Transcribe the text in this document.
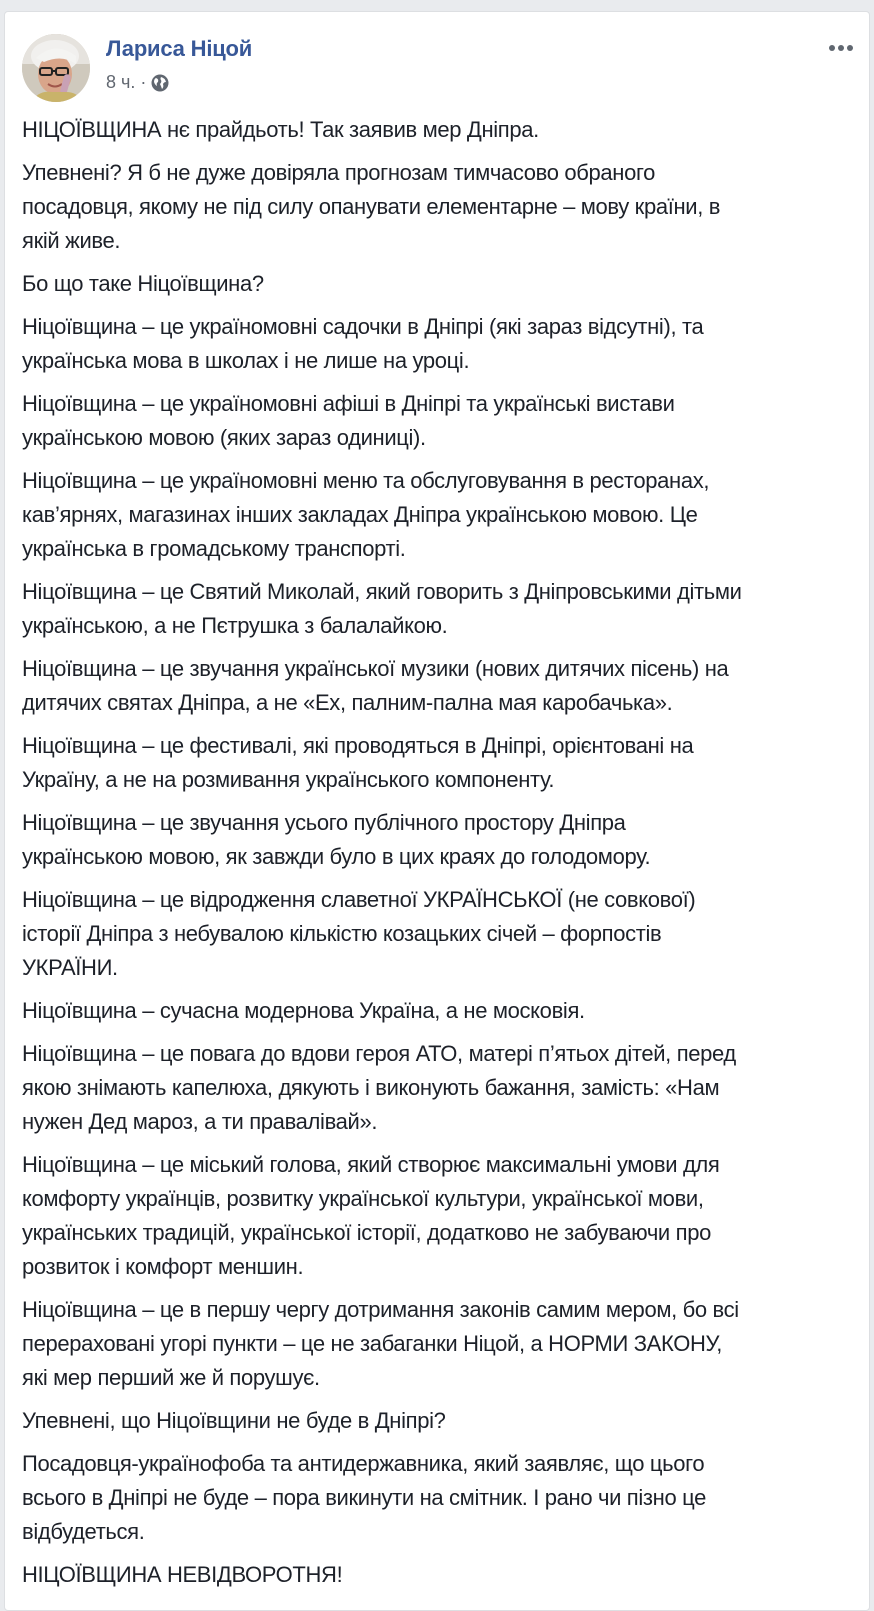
Лариса Ніцой
8 ч. ·

НІЦОЇВЩИНА нє прайдьоть! Так заявив мер Дніпра.

Упевнені? Я б не дуже довіряла прогнозам тимчасово обраного
посадовця, якому не під силу опанувати елементарне – мову країни, в
якій живе.

Бо що таке Ніцоївщина?

Ніцоївщина – це україномовні садочки в Дніпрі (які зараз відсутні), та
українська мова в школах і не лише на уроці.

Ніцоївщина – це україномовні афіші в Дніпрі та українські вистави
українською мовою (яких зараз одиниці).

Ніцоївщина – це україномовні меню та обслуговування в ресторанах,
кав’ярнях, магазинах інших закладах Дніпра українською мовою. Це
українська в громадському транспорті.

Ніцоївщина – це Святий Миколай, який говорить з Дніпровськими дітьми
українською, а не Пєтрушка з балалайкою.

Ніцоївщина – це звучання української музики (нових дитячих пісень) на
дитячих святах Дніпра, а не «Ех, палним-пална мая каробачька».

Ніцоївщина – це фестивалі, які проводяться в Дніпрі, орієнтовані на
Україну, а не на розмивання українського компоненту.

Ніцоївщина – це звучання усього публічного простору Дніпра
українською мовою, як завжди було в цих краях до голодомору.

Ніцоївщина – це відродження славетної УКРАЇНСЬКОЇ (не совкової)
історії Дніпра з небувалою кількістю козацьких січей – форпостів
УКРАЇНИ.

Ніцоївщина – сучасна модернова Україна, а не московія.

Ніцоївщина – це повага до вдови героя АТО, матері п’ятьох дітей, перед
якою знімають капелюха, дякують і виконують бажання, замість: «Нам
нужен Дед мароз, а ти правалівай».

Ніцоївщина – це міський голова, який створює максимальні умови для
комфорту українців, розвитку української культури, української мови,
українських традицій, української історії, додатково не забуваючи про
розвиток і комфорт меншин.

Ніцоївщина – це в першу чергу дотримання законів самим мером, бо всі
перераховані угорі пункти – це не забаганки Ніцой, а НОРМИ ЗАКОНУ,
які мер перший же й порушує.

Упевнені, що Ніцоївщини не буде в Дніпрі?

Посадовця-українофоба та антидержавника, який заявляє, що цього
всього в Дніпрі не буде – пора викинути на смітник. І рано чи пізно це
відбудеться.

НІЦОЇВЩИНА НЕВІДВОРОТНЯ!
